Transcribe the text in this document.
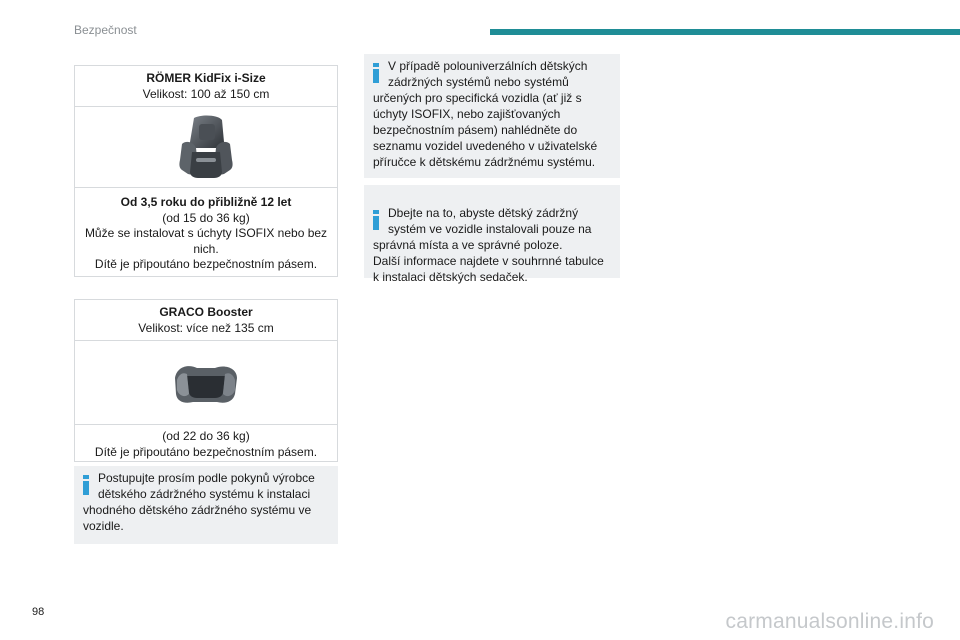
Bezpečnost
RÖMER KidFix i-Size
Velikost: 100 až 150 cm
Od 3,5 roku do přibližně 12 let
(od 15 do 36 kg)
Může se instalovat s úchyty ISOFIX nebo bez nich.
Dítě je připoutáno bezpečnostním pásem.
GRACO Booster
Velikost: více než 135 cm
(od 22 do 36 kg)
Dítě je připoutáno bezpečnostním pásem.
Postupujte prosím podle pokynů výrobce dětského zádržného systému k instalaci vhodného dětského zádržného systému ve vozidle.
V případě polouniverzálních dětských zádržných systémů nebo systémů určených pro specifická vozidla (ať již s úchyty ISOFIX, nebo zajišťovaných bezpečnostním pásem) nahlédněte do seznamu vozidel uvedeného v uživatelské příručce k dětskému zádržnému systému.

Dbejte na to, abyste dětský zádržný systém ve vozidle instalovali pouze na správná místa a ve správné poloze.
Další informace najdete v souhrnné tabulce k instalaci dětských sedaček.

98	carmanualsonline.info
